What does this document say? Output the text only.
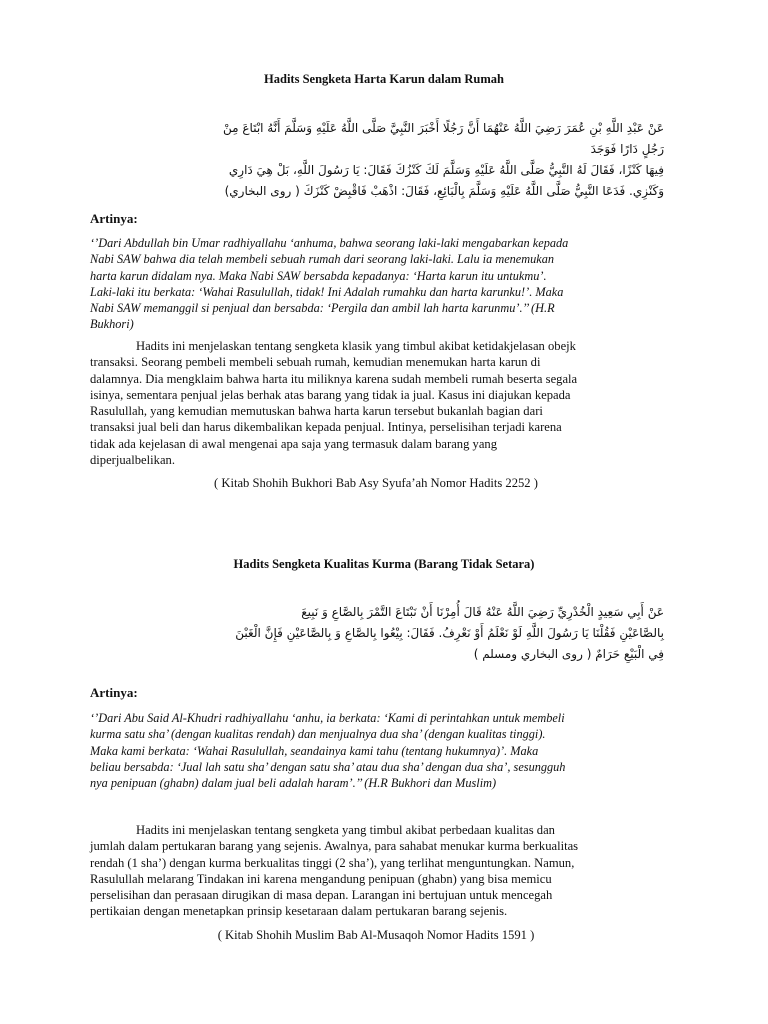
Hadits Sengketa Harta Karun dalam Rumah
عَنْ عَبْدِ اللَّهِ بْنِ عُمَرَ رَضِيَ اللَّهُ عَنْهُمَا أَنَّ رَجُلًا أَخْبَرَ النَّبِيَّ صَلَّى اللَّهُ عَلَيْهِ وَسَلَّمَ أَنَّهُ ابْتَاعَ مِنْ
رَجُلٍ دَارًا فَوَجَدَ
فِيهَا كَنْزًا، فَقَالَ لَهُ النَّبِيُّ صَلَّى اللَّهُ عَلَيْهِ وَسَلَّمَ لَكَ كَنْزُكَ فَقَالَ: يَا رَسُولَ اللَّهِ، بَلْ هِيَ دَارِي
وَكَنْزِي. فَدَعَا النَّبِيُّ صَلَّى اللَّهُ عَلَيْهِ وَسَلَّمَ بِالْبَائِعِ، فَقَالَ: اذْهَبْ فَاقْبِضْ كَنْزَكَ ( روى البخاري)

Artinya:

‘’Dari Abdullah bin Umar radhiyallahu ‘anhuma, bahwa seorang laki-laki mengabarkan kepada
Nabi SAW bahwa dia telah membeli sebuah rumah dari seorang laki-laki. Lalu ia menemukan
harta karun didalam nya. Maka Nabi SAW bersabda kepadanya: ‘Harta karun itu untukmu’.
Laki-laki itu berkata: ‘Wahai Rasulullah, tidak! Ini Adalah rumahku dan harta karunku!’. Maka
Nabi SAW memanggil si penjual dan bersabda: ‘Pergila dan ambil lah harta karunmu’.’’ (H.R
Bukhori)
Hadits ini menjelaskan tentang sengketa klasik yang timbul akibat ketidakjelasan obejk
transaksi. Seorang pembeli membeli sebuah rumah, kemudian menemukan harta karun di
dalamnya. Dia mengklaim bahwa harta itu miliknya karena sudah membeli rumah beserta segala
isinya, sementara penjual jelas berhak atas barang yang tidak ia jual. Kasus ini diajukan kepada
Rasulullah, yang kemudian memutuskan bahwa harta karun tersebut bukanlah bagian dari
transaksi jual beli dan harus dikembalikan kepada penjual. Intinya, perselisihan terjadi karena
tidak ada kejelasan di awal mengenai apa saja yang termasuk dalam barang yang
diperjualbelikan.

( Kitab Shohih Bukhori Bab Asy Syufa’ah Nomor Hadits 2252 )

Hadits Sengketa Kualitas Kurma (Barang Tidak Setara)
عَنْ أَبِي سَعِيدٍ الْخُدْرِيِّ رَضِيَ اللَّهُ عَنْهُ قَالَ أُمِرْنَا أَنْ نَبْتَاعَ التَّمْرَ بِالصَّاعِ وَ نَبِيعَ
بِالصَّاعَيْنِ فَقُلْنَا يَا رَسُولَ اللَّهِ لَوْ نَعْلَمُ أَوْ نَعْرِفُ. فَقَالَ: بِيْعُوا بِالصَّاعِ وَ بِالصَّاعَيْنِ فَإِنَّ الْغَبْنَ
فِي الْبَيْعِ حَرَامٌ ( روى البخاري ومسلم )

Artinya:

‘’Dari Abu Said Al-Khudri radhiyallahu ‘anhu, ia berkata: ‘Kami di perintahkan untuk membeli
kurma satu sha’ (dengan kualitas rendah) dan menjualnya dua sha’ (dengan kualitas tinggi).
Maka kami berkata: ‘Wahai Rasulullah, seandainya kami tahu (tentang hukumnya)’. Maka
beliau bersabda: ‘Jual lah satu sha’ dengan satu sha’ atau dua sha’ dengan dua sha’, sesungguh
nya penipuan (ghabn) dalam jual beli adalah haram’.’’ (H.R Bukhori dan Muslim)
Hadits ini menjelaskan tentang sengketa yang timbul akibat perbedaan kualitas dan
jumlah dalam pertukaran barang yang sejenis. Awalnya, para sahabat menukar kurma berkualitas
rendah (1 sha’) dengan kurma berkualitas tinggi (2 sha’), yang terlihat menguntungkan. Namun,
Rasulullah melarang Tindakan ini karena mengandung penipuan (ghabn) yang bisa memicu
perselisihan dan perasaan dirugikan di masa depan. Larangan ini bertujuan untuk mencegah
pertikaian dengan menetapkan prinsip kesetaraan dalam pertukaran barang sejenis.

( Kitab Shohih Muslim Bab Al-Musaqoh Nomor Hadits 1591 )
